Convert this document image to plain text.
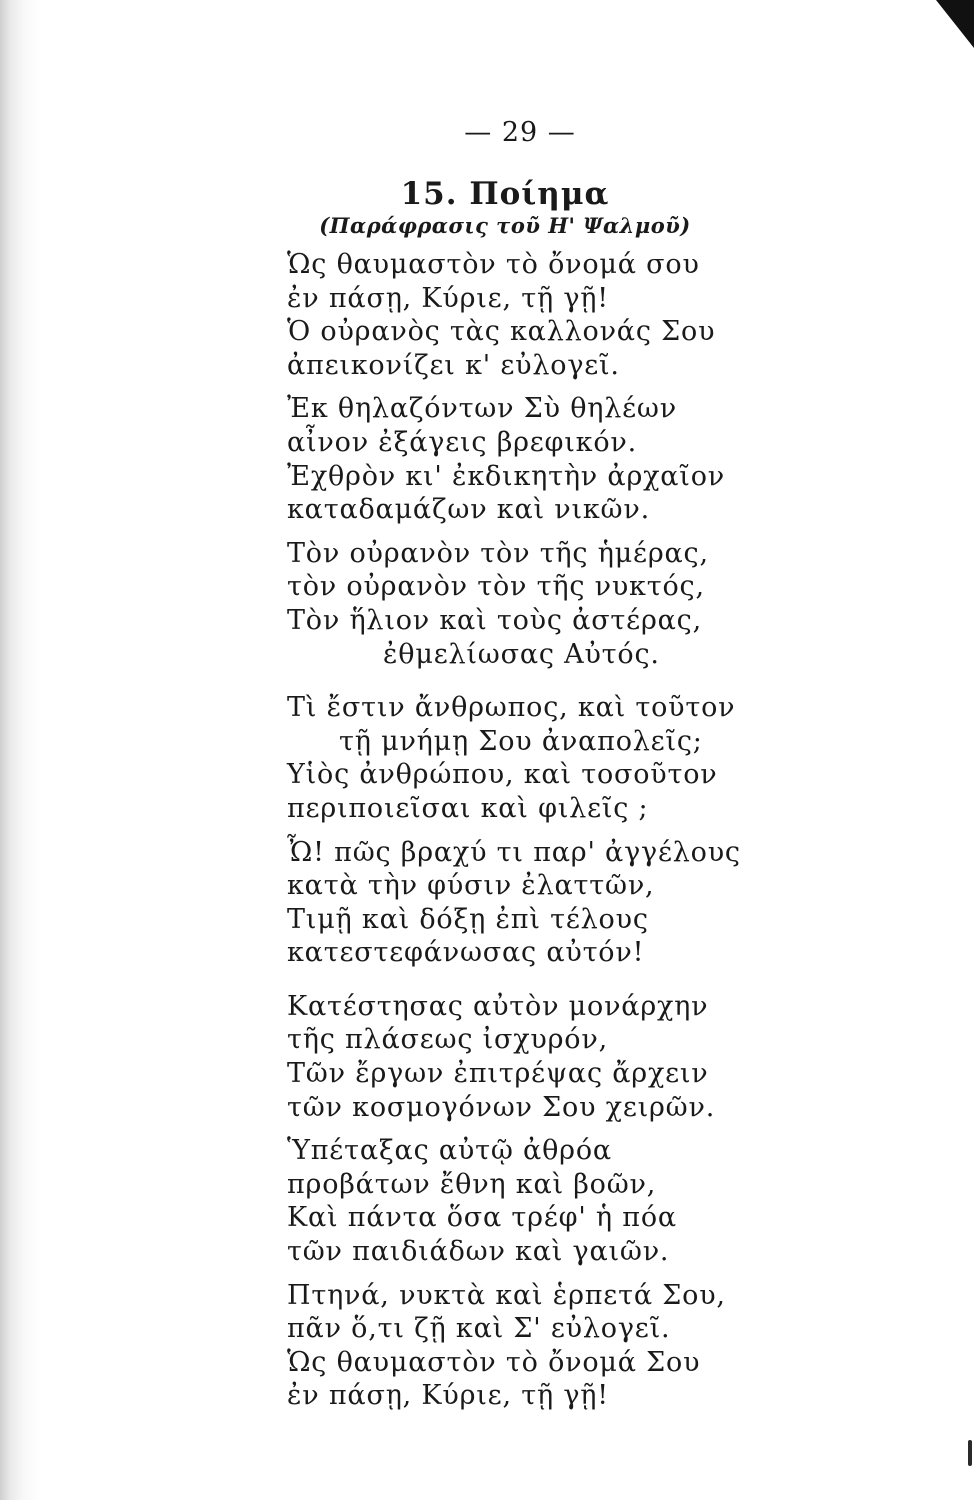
— 29 —
15. Ποίημα
(Παράφρασις τοῦ Η' Ψαλμοῦ)
Ὡς θαυμαστὸν τὸ ὄνομά σου
ἐν πάσῃ, Κύριε, τῇ γῇ!
Ὁ οὐρανὸς τὰς καλλονάς Σου
ἀπεικονίζει κ' εὐλογεῖ.
Ἐκ θηλαζόντων Σὺ θηλέων
αἶνον ἐξάγεις βρεφικόν.
Ἐχθρὸν κι' ἐκδικητὴν ἀρχαῖον
καταδαμάζων καὶ νικῶν.
Τὸν οὐρανὸν τὸν τῆς ἡμέρας,
τὸν οὐρανὸν τὸν τῆς νυκτός,
Τὸν ἥλιον καὶ τοὺς ἀστέρας,
ἐθμελίωσας Αὐτός.
Τὶ ἔστιν ἄνθρωπος, καὶ τοῦτον
τῇ μνήμῃ Σου ἀναπολεῖς;
Υἱὸς ἀνθρώπου, καὶ τοσοῦτον
περιποιεῖσαι καὶ φιλεῖς ;
Ὦ! πῶς βραχύ τι παρ' ἀγγέλους
κατὰ τὴν φύσιν ἐλαττῶν,
Τιμῇ καὶ δόξῃ ἐπὶ τέλους
κατεστεφάνωσας αὐτόν!
Κατέστησας αὐτὸν μονάρχην
τῆς πλάσεως ἰσχυρόν,
Τῶν ἔργων ἐπιτρέψας ἄρχειν
τῶν κοσμογόνων Σου χειρῶν.
Ὑπέταξας αὐτῷ ἀθρόα
προβάτων ἔθνη καὶ βοῶν,
Καὶ πάντα ὅσα τρέφ' ἡ πόα
τῶν παιδιάδων καὶ γαιῶν.
Πτηνά, νυκτὰ καὶ ἑρπετά Σου,
πᾶν ὅ,τι ζῇ καὶ Σ' εὐλογεῖ.
Ὡς θαυμαστὸν τὸ ὄνομά Σου
ἐν πάσῃ, Κύριε, τῇ γῇ!
